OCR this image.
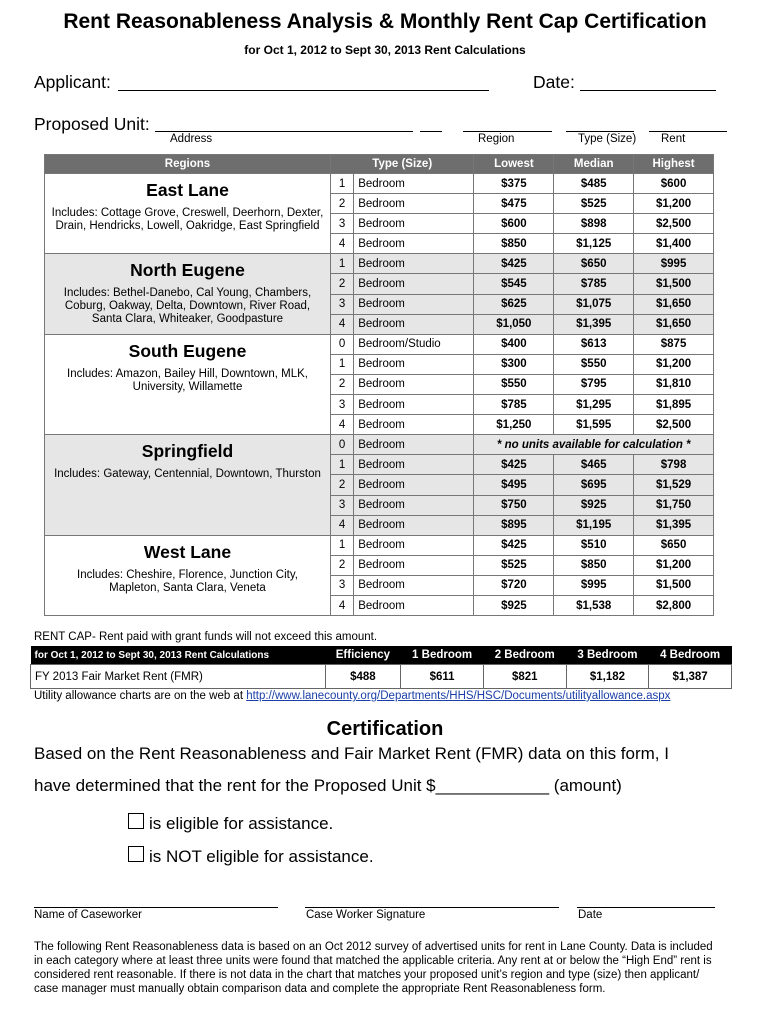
Rent Reasonableness Analysis & Monthly Rent Cap Certification
for Oct 1, 2012 to Sept 30, 2013 Rent Calculations
Applicant:	Date:
Proposed Unit:
Address	Region	Type (Size) Rent
Regions	Type (Size)		Lowest	Median	Highest

East Lane
Includes: Cottage Grove, Creswell, Deerhorn, Dexter, Drain, Hendricks, Lowell, Oakridge, East Springfield	1	Bedroom	$375	$485	$600
	2	Bedroom	$475	$525	$1,200
	3	Bedroom	$600	$898	$2,500
	4	Bedroom	$850	$1,125	$1,400

North Eugene
Includes: Bethel-Danebo, Cal Young, Chambers, Coburg, Oakway, Delta, Downtown, River Road, Santa Clara, Whiteaker, Goodpasture	1	Bedroom	$425	$650	$995
	2	Bedroom	$545	$785	$1,500
	3	Bedroom	$625	$1,075	$1,650
	4	Bedroom	$1,050	$1,395	$1,650

South Eugene
Includes: Amazon, Bailey Hill, Downtown, MLK, University, Willamette	0	Bedroom/Studio	$400	$613	$875
	1	Bedroom	$300	$550	$1,200
	2	Bedroom	$550	$795	$1,810
	3	Bedroom	$785	$1,295	$1,895
	4	Bedroom	$1,250	$1,595	$2,500

Springfield
Includes: Gateway, Centennial, Downtown, Thurston	0	Bedroom	* no units available for calculation *		
	1	Bedroom	$425	$465	$798
	2	Bedroom	$495	$695	$1,529
	3	Bedroom	$750	$925	$1,750
	4	Bedroom	$895	$1,195	$1,395

West Lane
Includes: Cheshire, Florence, Junction City, Mapleton, Santa Clara, Veneta	1	Bedroom	$425	$510	$650
	2	Bedroom	$525	$850	$1,200
	3	Bedroom	$720	$995	$1,500
	4	Bedroom	$925	$1,538	$2,800
RENT CAP- Rent paid with grant funds will not exceed this amount.
for Oct 1, 2012 to Sept 30, 2013 Rent Calculations	Efficiency	1 Bedroom	2 Bedroom	3 Bedroom	4 Bedroom
FY 2013 Fair Market Rent (FMR)	$488	$611	$821	$1,182	$1,387
Utility allowance charts are on the web at http://www.lanecounty.org/Departments/HHS/HSC/Documents/utilityallowance.aspx
Certification
Based on the Rent Reasonableness and Fair Market Rent (FMR) data on this form, I
have determined that the rent for the Proposed Unit $____________ (amount)
is eligible for assistance.
is NOT eligible for assistance.
Name of Caseworker	Case Worker Signature	Date
The following Rent Reasonableness data is based on an Oct 2012 survey of advertised units for rent in Lane County. Data is included in each category where at least three units were found that matched the applicable criteria. Any rent at or below the “High End” rent is considered rent reasonable. If there is not data in the chart that matches your proposed unit’s region and type (size) then applicant/ case manager must manually obtain comparison data and complete the appropriate Rent Reasonableness form.
